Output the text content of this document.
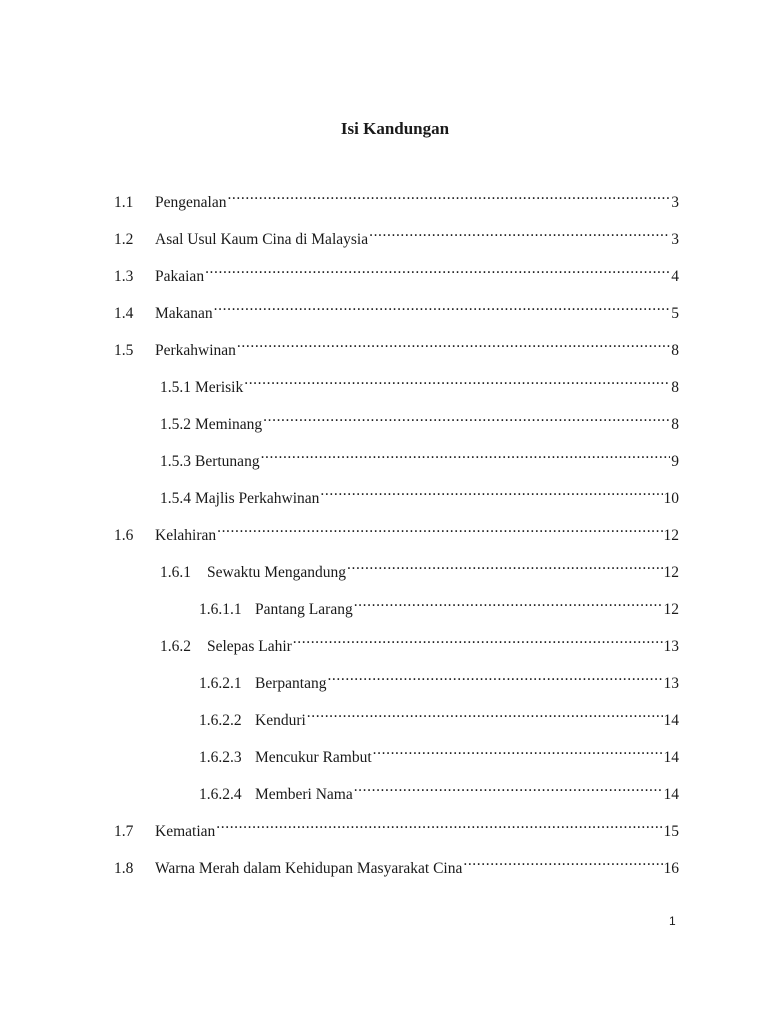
Isi Kandungan
1.1	Pengenalan .....	3
1.2	Asal Usul Kaum Cina di Malaysia .....	3
1.3	Pakaian .....	4
1.4	Makanan .....	5
1.5	Perkahwinan .....	8
1.5.1 Merisik .....	8
1.5.2 Meminang .....	8
1.5.3 Bertunang .....	9
1.5.4 Majlis Perkahwinan .....	10
1.6	Kelahiran .....	12
1.6.1	Sewaktu Mengandung .....	12
1.6.1.1 Pantang Larang .....	12
1.6.2	Selepas Lahir .....	13
1.6.2.1 Berpantang .....	13
1.6.2.2 Kenduri .....	14
1.6.2.3 Mencukur Rambut .....	14
1.6.2.4 Memberi Nama .....	14
1.7	Kematian .....	15
1.8	Warna Merah dalam Kehidupan Masyarakat Cina .....	16
1
